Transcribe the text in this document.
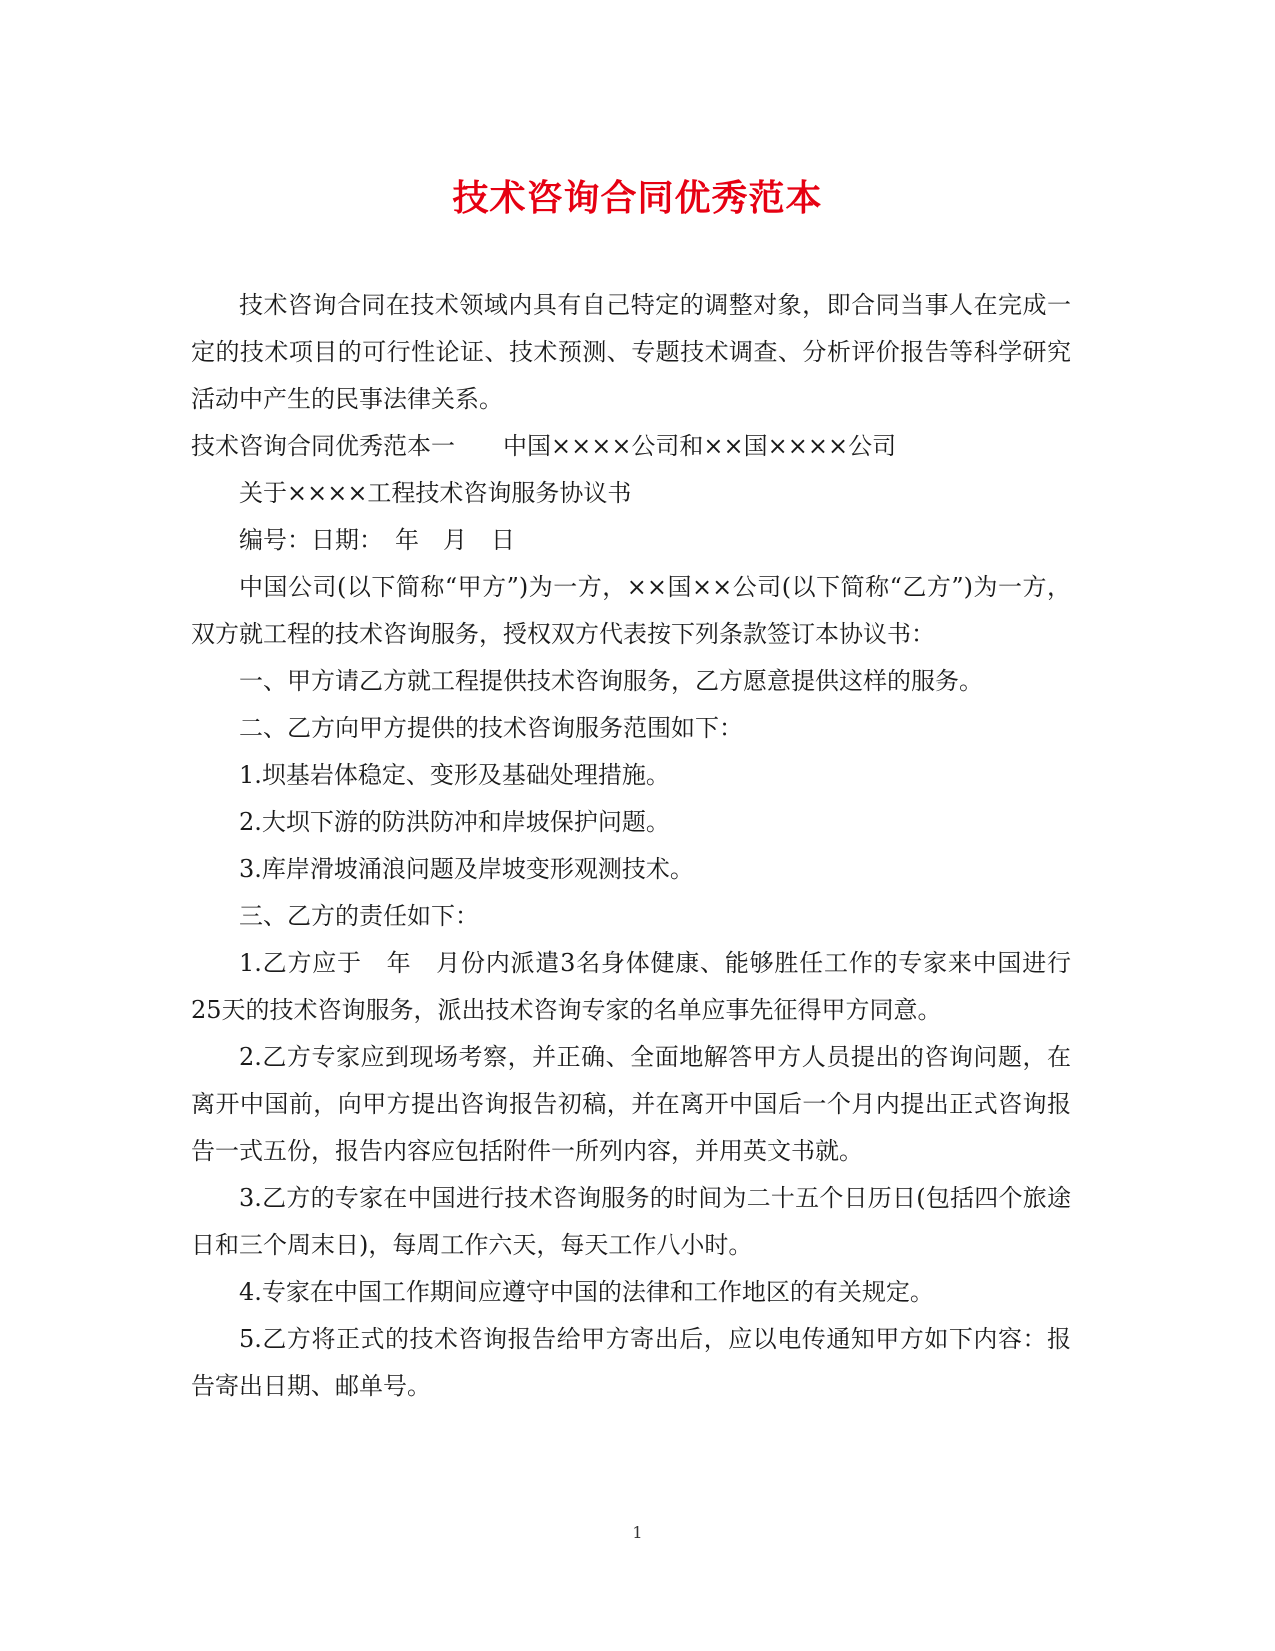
技术咨询合同优秀范本

技术咨询合同在技术领域内具有自己特定的调整对象，即合同当事人在完成一定的技术项目的可行性论证、技术预测、专题技术调查、分析评价报告等科学研究活动中产生的民事法律关系。

技术咨询合同优秀范本一　　中国××××公司和××国××××公司

关于××××工程技术咨询服务协议书

编号：日期：　年　月　日

中国公司(以下简称“甲方”)为一方，××国××公司(以下简称“乙方”)为一方，双方就工程的技术咨询服务，授权双方代表按下列条款签订本协议书：

一、甲方请乙方就工程提供技术咨询服务，乙方愿意提供这样的服务。

二、乙方向甲方提供的技术咨询服务范围如下：

1.坝基岩体稳定、变形及基础处理措施。

2.大坝下游的防洪防冲和岸坡保护问题。

3.库岸滑坡涌浪问题及岸坡变形观测技术。

三、乙方的责任如下：

1.乙方应于　年　月份内派遣3名身体健康、能够胜任工作的专家来中国进行25天的技术咨询服务，派出技术咨询专家的名单应事先征得甲方同意。

2.乙方专家应到现场考察，并正确、全面地解答甲方人员提出的咨询问题，在离开中国前，向甲方提出咨询报告初稿，并在离开中国后一个月内提出正式咨询报告一式五份，报告内容应包括附件一所列内容，并用英文书就。

3.乙方的专家在中国进行技术咨询服务的时间为二十五个日历日(包括四个旅途日和三个周末日)，每周工作六天，每天工作八小时。

4.专家在中国工作期间应遵守中国的法律和工作地区的有关规定。

5.乙方将正式的技术咨询报告给甲方寄出后，应以电传通知甲方如下内容：报告寄出日期、邮单号。

1
